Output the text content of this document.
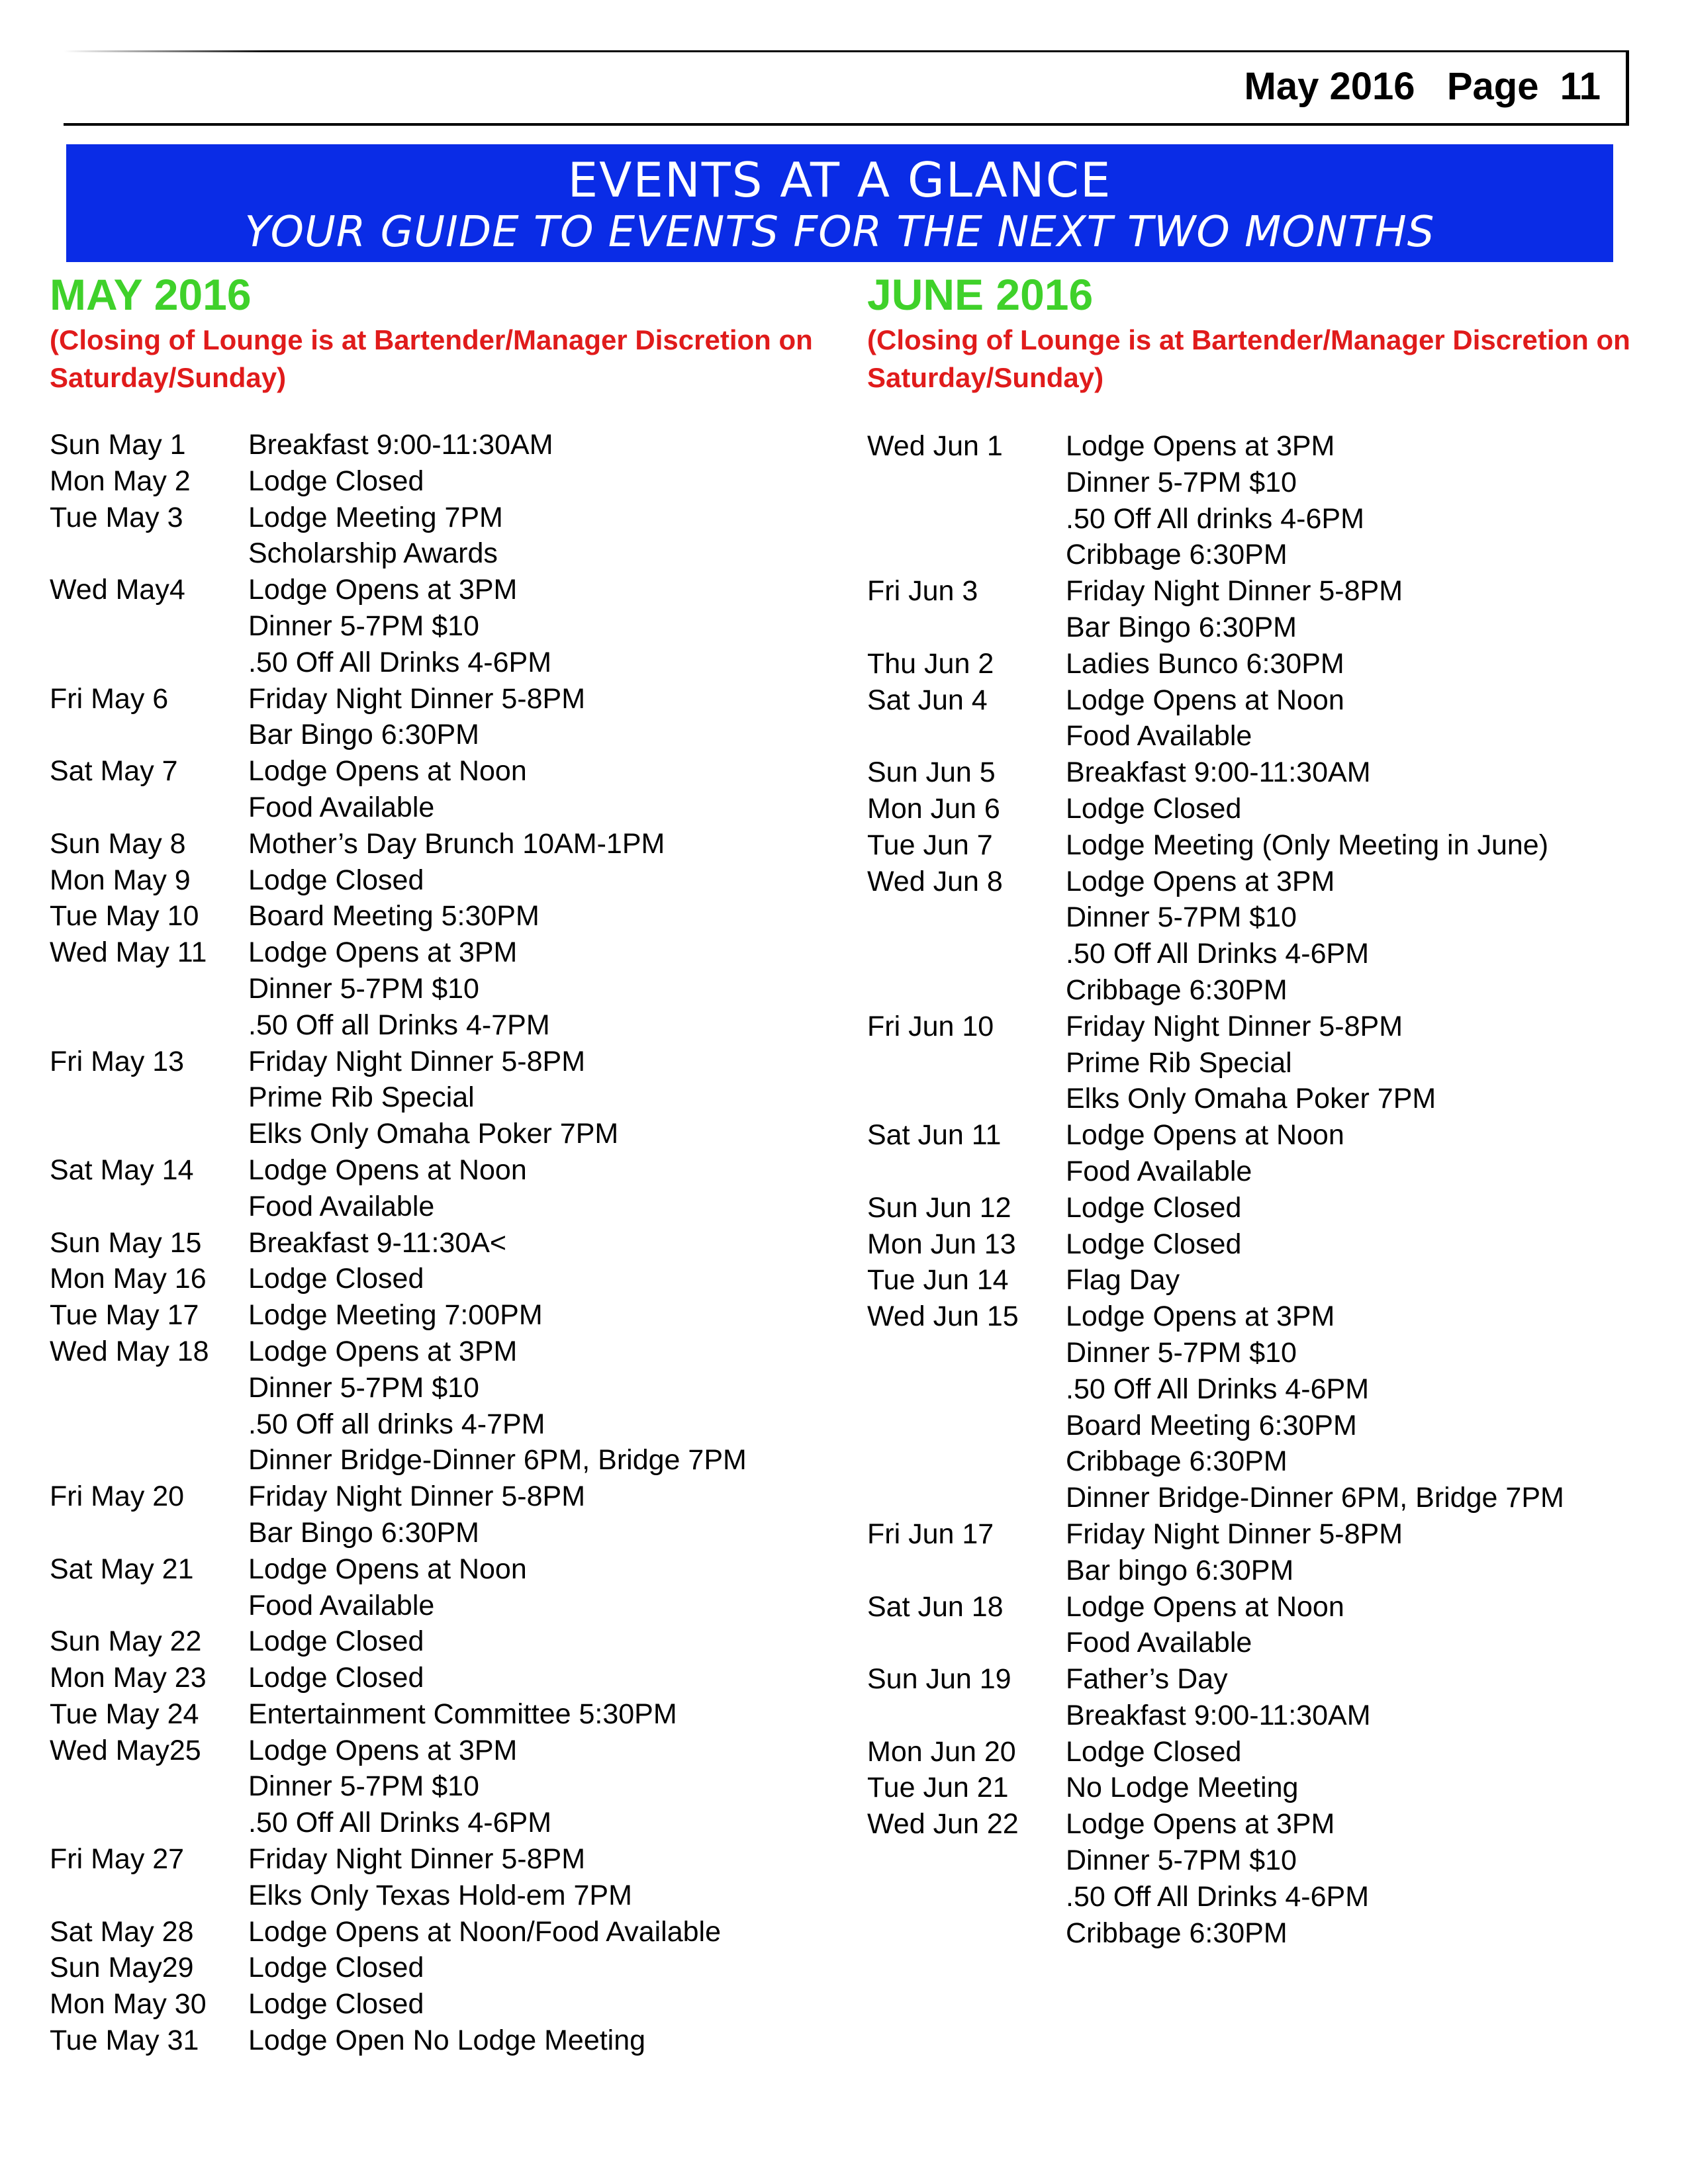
May 2016 Page  11
EVENTS AT A GLANCE
YOUR GUIDE TO EVENTS FOR THE NEXT TWO MONTHS
MAY 2016
(Closing of Lounge is at Bartender/Manager Discretion on Saturday/Sunday)
Sun May 1	Breakfast 9:00-11:30AM
Mon May 2	Lodge Closed
Tue May 3	Lodge Meeting 7PM
Scholarship Awards
Wed May4	Lodge Opens at 3PM
Dinner 5-7PM $10
.50 Off All Drinks 4-6PM
Fri May 6	Friday Night Dinner 5-8PM
Bar Bingo 6:30PM
Sat May 7	Lodge Opens at Noon
Food Available
Sun May 8	Mother’s Day Brunch 10AM-1PM
Mon May 9	Lodge Closed
Tue May 10	Board Meeting 5:30PM
Wed May 11	Lodge Opens at 3PM
Dinner 5-7PM $10
.50 Off all Drinks 4-7PM
Fri May 13	Friday Night Dinner 5-8PM
Prime Rib Special
Elks Only Omaha Poker 7PM
Sat May 14	Lodge Opens at Noon
Food Available
Sun May 15	Breakfast 9-11:30A<
Mon May 16	Lodge Closed
Tue May 17	Lodge Meeting 7:00PM
Wed May 18	Lodge Opens at 3PM
Dinner 5-7PM $10
.50 Off all drinks 4-7PM
Dinner Bridge-Dinner 6PM, Bridge 7PM
Fri May 20	Friday Night Dinner 5-8PM
Bar Bingo 6:30PM
Sat May 21	Lodge Opens at Noon
Food Available
Sun May 22	Lodge Closed
Mon May 23	Lodge Closed
Tue May 24	Entertainment Committee 5:30PM
Wed May25	Lodge Opens at 3PM
Dinner 5-7PM $10
.50 Off All Drinks 4-6PM
Fri May 27	Friday Night Dinner 5-8PM
Elks Only Texas Hold-em 7PM
Sat May 28	Lodge Opens at Noon/Food Available
Sun May29	Lodge Closed
Mon May 30	Lodge Closed
Tue May 31	Lodge Open No Lodge Meeting
JUNE 2016
(Closing of Lounge is at Bartender/Manager Discretion on Saturday/Sunday)
Wed Jun 1	Lodge Opens at 3PM
Dinner 5-7PM $10
.50 Off All drinks 4-6PM
Cribbage 6:30PM
Fri Jun 3	Friday Night Dinner 5-8PM
Bar Bingo 6:30PM
Thu Jun 2	Ladies Bunco 6:30PM
Sat Jun 4	Lodge Opens at Noon
Food Available
Sun Jun 5	Breakfast 9:00-11:30AM
Mon Jun 6	Lodge Closed
Tue Jun 7	Lodge Meeting (Only Meeting in June)
Wed Jun 8	Lodge Opens at 3PM
Dinner 5-7PM $10
.50 Off All Drinks 4-6PM
Cribbage 6:30PM
Fri Jun 10	Friday Night Dinner 5-8PM
Prime Rib Special
Elks Only Omaha Poker 7PM
Sat Jun 11	Lodge Opens at Noon
Food Available
Sun Jun 12	Lodge Closed
Mon Jun 13	Lodge Closed
Tue Jun 14	Flag Day
Wed Jun 15	Lodge Opens at 3PM
Dinner 5-7PM $10
.50 Off All Drinks 4-6PM
Board Meeting 6:30PM
Cribbage 6:30PM
Dinner Bridge-Dinner 6PM, Bridge 7PM
Fri Jun 17	Friday Night Dinner 5-8PM
Bar bingo 6:30PM
Sat Jun 18	Lodge Opens at Noon
Food Available
Sun Jun 19	Father’s Day
Breakfast 9:00-11:30AM
Mon Jun 20	Lodge Closed
Tue Jun 21	No Lodge Meeting
Wed Jun 22	Lodge Opens at 3PM
Dinner 5-7PM $10
.50 Off All Drinks 4-6PM
Cribbage 6:30PM
